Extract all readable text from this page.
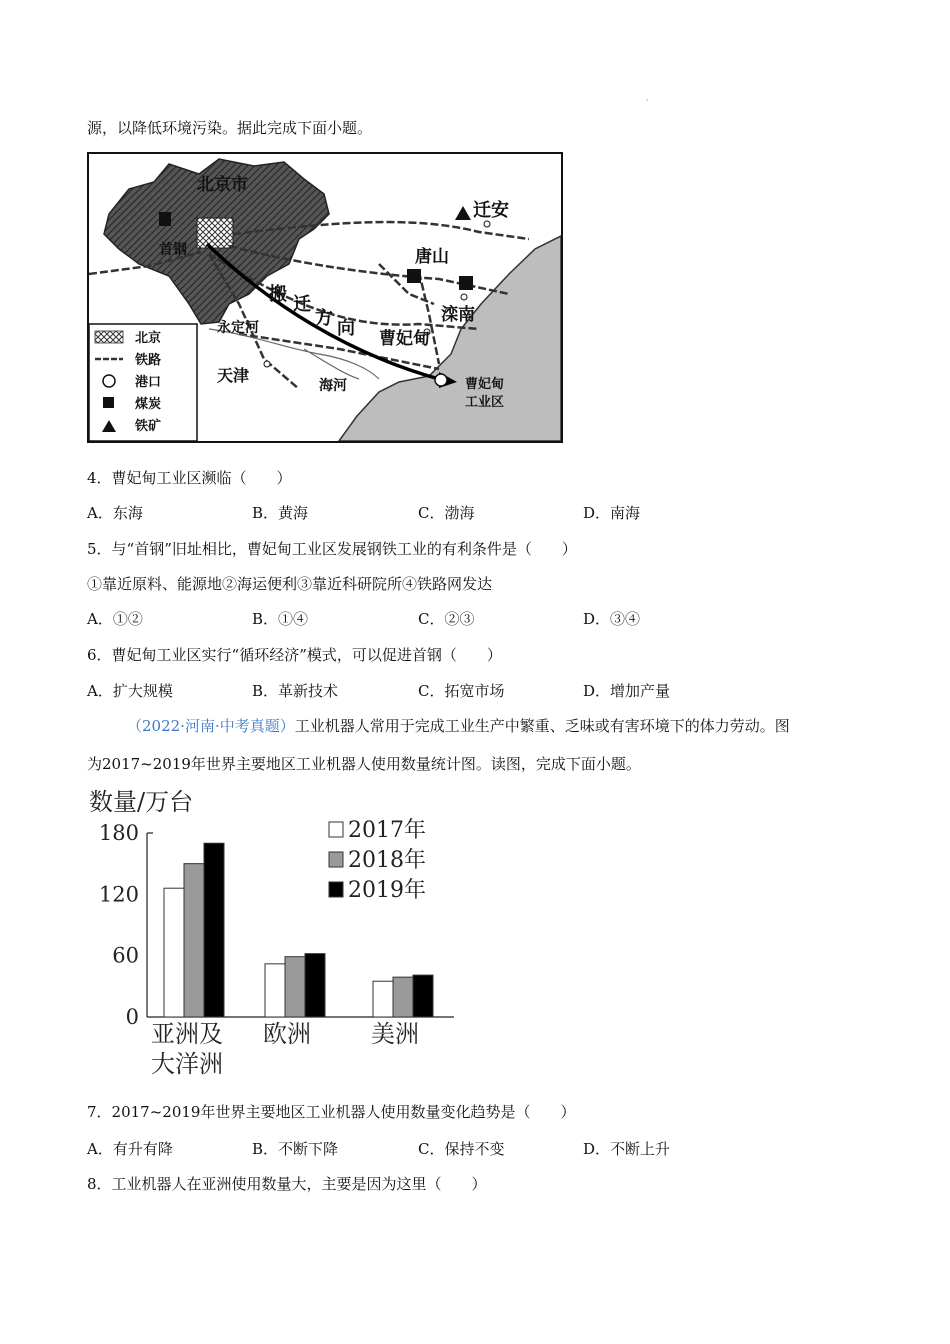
'
源，以降低环境污染。据此完成下面小题。
北京市
首钢
迁安
唐山
滦南
曹妃甸
曹妃甸
工业区
天津
海河
永定河
搬 迁
方 向
北京
铁路
港口
煤炭
铁矿
4．曹妃甸工业区濒临（　　）
A．东海	B．黄海	C．渤海	D．南海
5．与“首钢”旧址相比，曹妃甸工业区发展钢铁工业的有利条件是（　　）
①靠近原料、能源地②海运便利③靠近科研院所④铁路网发达
A．①②	B．①④	C．②③	D．③④
6．曹妃甸工业区实行“循环经济”模式，可以促进首钢（　　）
A．扩大规模	B．革新技术	C．拓宽市场	D．增加产量
（2022·河南·中考真题）工业机器人常用于完成工业生产中繁重、乏味或有害环境下的体力劳动。图
为2017~2019年世界主要地区工业机器人使用数量统计图。读图，完成下面小题。
数量/万台
0
60
120
180	2017年
2018年
2019年
亚洲及
大洋洲
欧洲	美洲
7．2017~2019年世界主要地区工业机器人使用数量变化趋势是（　　）
A．有升有降	B．不断下降	C．保持不变	D．不断上升
8．工业机器人在亚洲使用数量大，主要是因为这里（　　）
